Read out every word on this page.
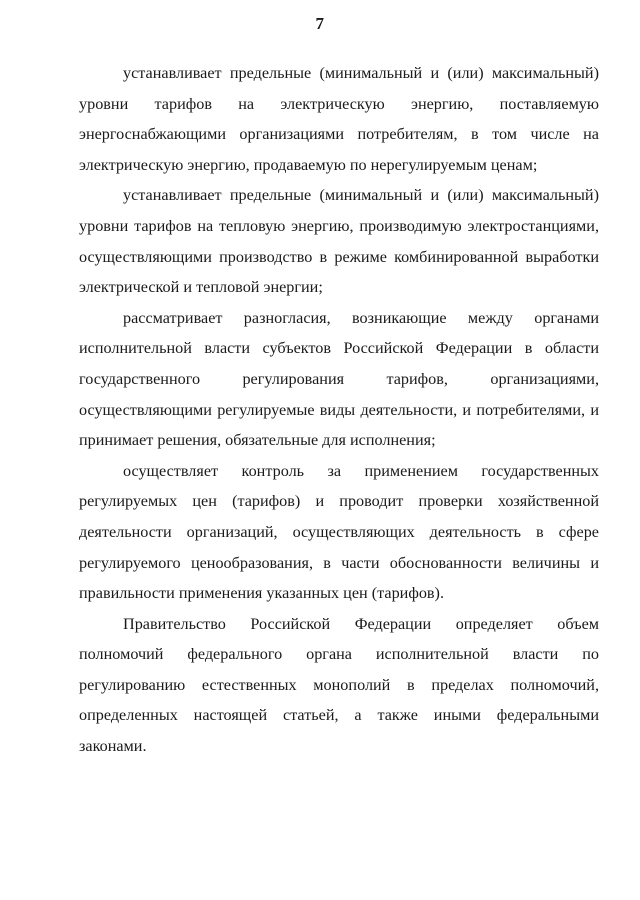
7

устанавливает предельные (минимальный и (или) максимальный) уровни тарифов на электрическую энергию, поставляемую энергоснабжающими организациями потребителям, в том числе на электрическую энергию, продаваемую по нерегулируемым ценам;

устанавливает предельные (минимальный и (или) максимальный) уровни тарифов на тепловую энергию, производимую электростанциями, осуществляющими производство в режиме комбинированной выработки электрической и тепловой энергии;

рассматривает разногласия, возникающие между органами исполнительной власти субъектов Российской Федерации в области государственного регулирования тарифов, организациями, осуществляющими регулируемые виды деятельности, и потребителями, и принимает решения, обязательные для исполнения;

осуществляет контроль за применением государственных регулируемых цен (тарифов) и проводит проверки хозяйственной деятельности организаций, осуществляющих деятельность в сфере регулируемого ценообразования, в части обоснованности величины и правильности применения указанных цен (тарифов).

Правительство Российской Федерации определяет объем полномочий федерального органа исполнительной власти по регулированию естественных монополий в пределах полномочий, определенных настоящей статьей, а также иными федеральными законами.
